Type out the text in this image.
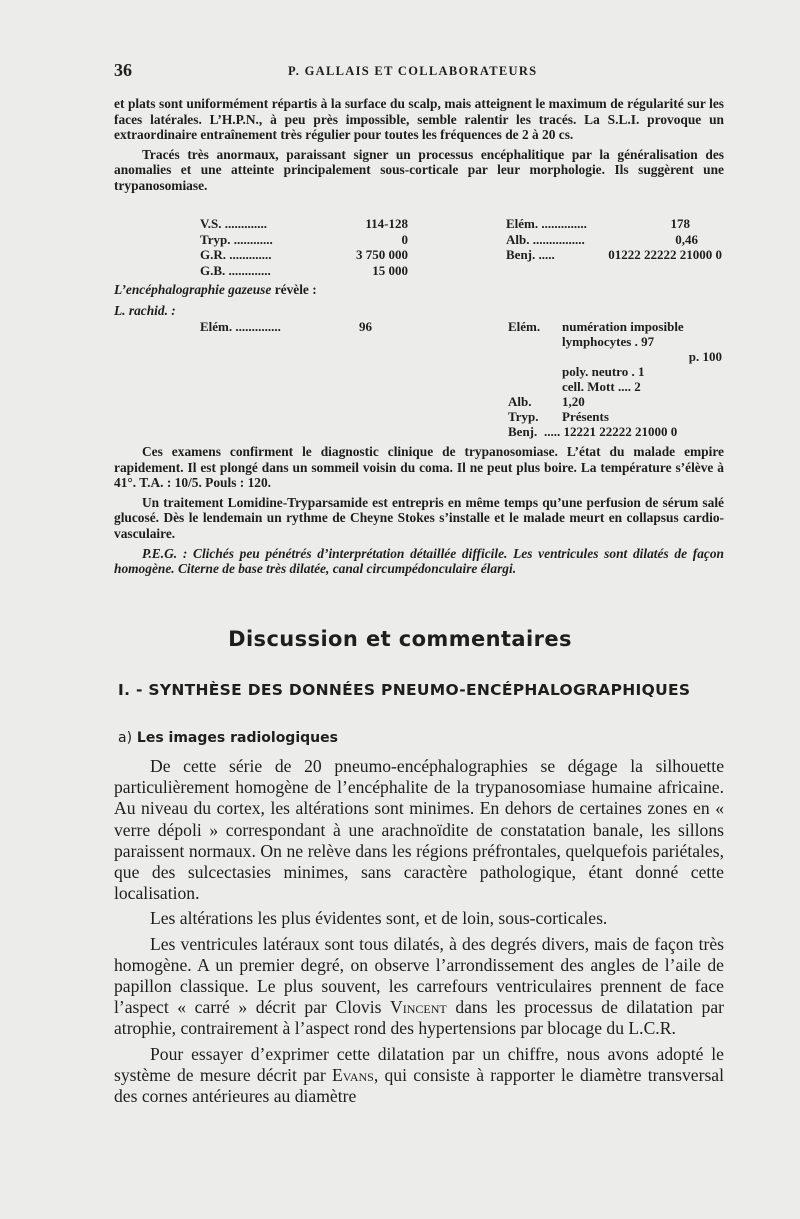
36	P. GALLAIS ET COLLABORATEURS

et plats sont uniformément répartis à la surface du scalp, mais atteignent le maximum de régularité sur les faces latérales. L’H.P.N., à peu près impossible, semble ralentir les tracés. La S.L.I. provoque un extraordinaire entraînement très régulier pour toutes les fréquences de 2 à 20 cs.

Tracés très anormaux, paraissant signer un processus encéphalitique par la généralisation des anomalies et une atteinte principalement sous-corticale par leur morphologie. Ils suggèrent une trypanosomiase.

V.S. .............	114-128
Tryp. ............	0
G.R. .............	3 750 000
G.B. .............	15 000
Elém. ..............	178
Alb. ................	0,46
Benj. .....	01222 22222 21000 0
L’encéphalographie gazeuse révèle :
L. rachid. :
Elém. ..............	96	Elém. numération imposible
lymphocytes . 97
p. 100
poly. neutro . 1
cell. Mott .... 2
Alb. 1,20
Tryp. Présents
Benj. ..... 12221 22222 21000 0

Ces examens confirment le diagnostic clinique de trypanosomiase. L’état du malade empire rapidement. Il est plongé dans un sommeil voisin du coma. Il ne peut plus boire. La température s’élève à 41°. T.A. : 10/5. Pouls : 120.

Un traitement Lomidine-Tryparsamide est entrepris en même temps qu’une perfusion de sérum salé glucosé. Dès le lendemain un rythme de Cheyne Stokes s’installe et le malade meurt en collapsus cardio-vasculaire.

P.E.G. : Clichés peu pénétrés d’interprétation détaillée difficile. Les ventricules sont dilatés de façon homogène. Citerne de base très dilatée, canal circumpédonculaire élargi.

Discussion et commentaires
I. - SYNTHÈSE DES DONNÉES PNEUMO-ENCÉPHALOGRAPHIQUES
a) Les images radiologiques

De cette série de 20 pneumo-encéphalographies se dégage la silhouette particulièrement homogène de l’encéphalite de la trypanosomiase humaine africaine. Au niveau du cortex, les altérations sont minimes. En dehors de certaines zones en « verre dépoli » correspondant à une arachnoïdite de constatation banale, les sillons paraissent normaux. On ne relève dans les régions préfrontales, quelquefois pariétales, que des sulcectasies minimes, sans caractère pathologique, étant donné cette localisation.

Les altérations les plus évidentes sont, et de loin, sous-corticales.

Les ventricules latéraux sont tous dilatés, à des degrés divers, mais de façon très homogène. A un premier degré, on observe l’arrondissement des angles de l’aile de papillon classique. Le plus souvent, les carrefours ventriculaires prennent de face l’aspect « carré » décrit par Clovis Vincent dans les processus de dilatation par atrophie, contrairement à l’aspect rond des hypertensions par blocage du L.C.R.

Pour essayer d’exprimer cette dilatation par un chiffre, nous avons adopté le système de mesure décrit par Evans, qui consiste à rapporter le diamètre transversal des cornes antérieures au diamètre
